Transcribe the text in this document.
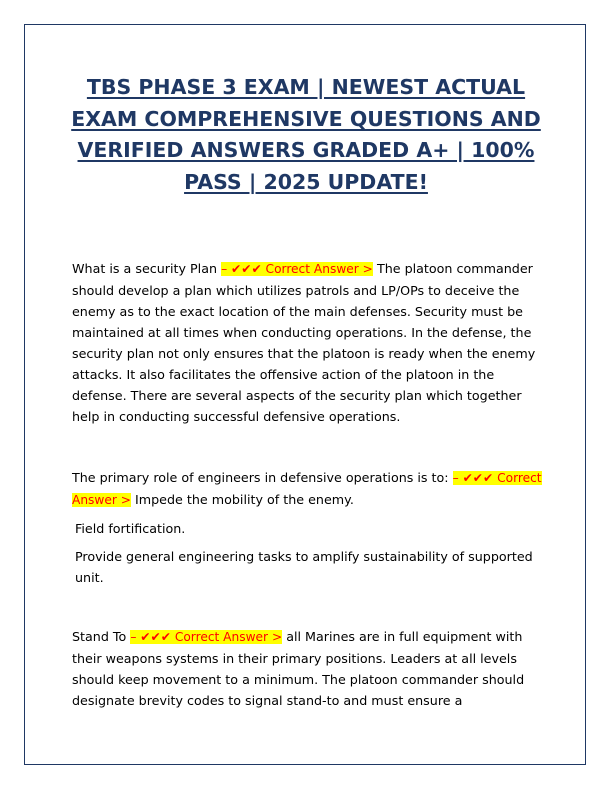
TBS PHASE 3 EXAM | NEWEST ACTUAL EXAM COMPREHENSIVE QUESTIONS AND VERIFIED ANSWERS GRADED A+ | 100% PASS | 2025 UPDATE!

What is a security Plan – ✔✔✔ Correct Answer > The platoon commander should develop a plan which utilizes patrols and LP/OPs to deceive the enemy as to the exact location of the main defenses. Security must be maintained at all times when conducting operations. In the defense, the security plan not only ensures that the platoon is ready when the enemy attacks. It also facilitates the offensive action of the platoon in the defense. There are several aspects of the security plan which together help in conducting successful defensive operations.

The primary role of engineers in defensive operations is to: – ✔✔✔ Correct Answer > Impede the mobility of the enemy.

Field fortification.

Provide general engineering tasks to amplify sustainability of supported unit.

Stand To – ✔✔✔ Correct Answer > all Marines are in full equipment with their weapons systems in their primary positions. Leaders at all levels should keep movement to a minimum. The platoon commander should designate brevity codes to signal stand-to and must ensure a
